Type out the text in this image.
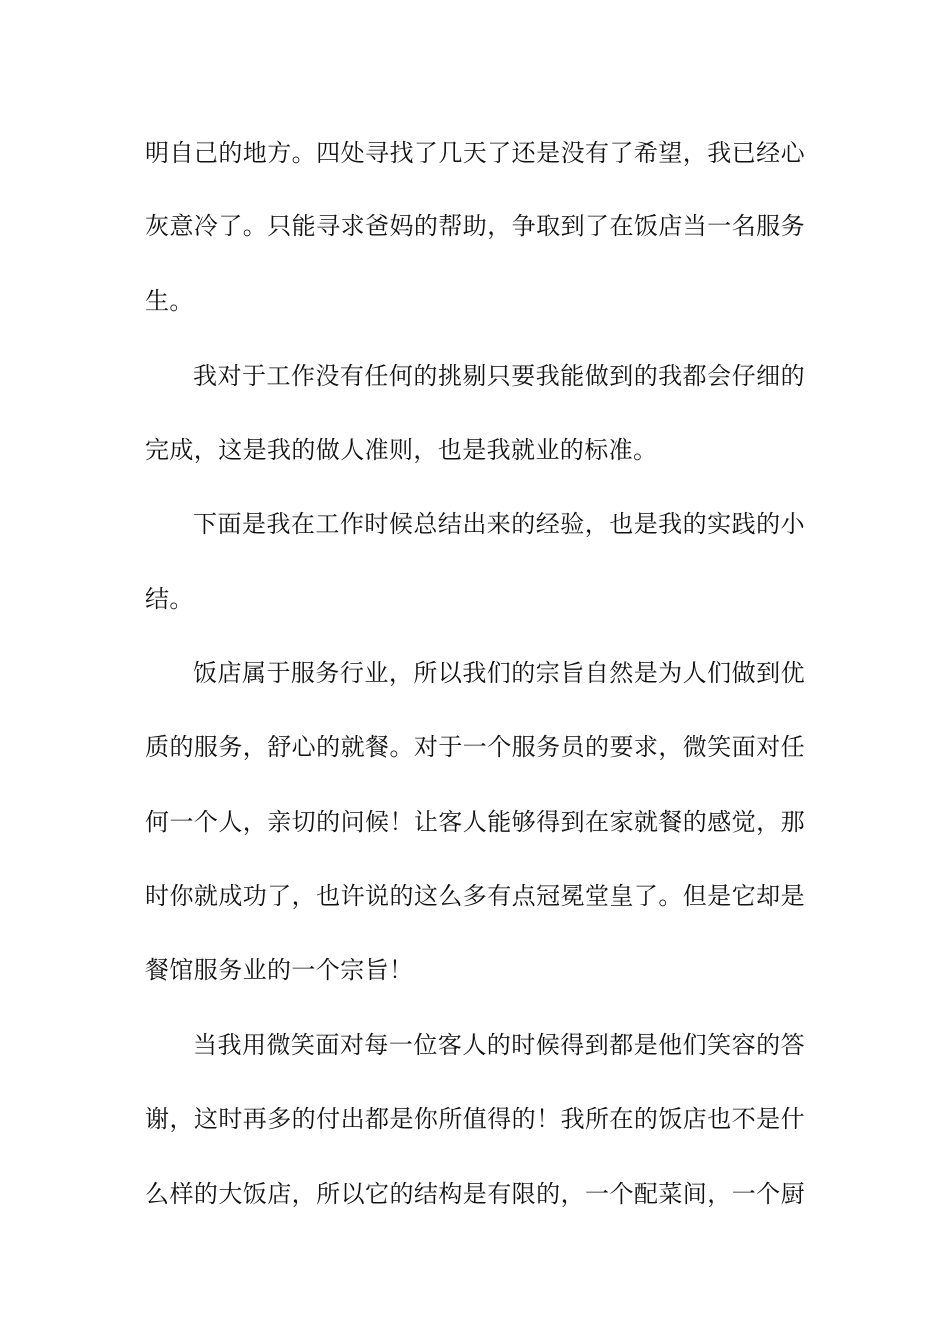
明自己的地方。四处寻找了几天了还是没有了希望，我已经心
灰意冷了。只能寻求爸妈的帮助，争取到了在饭店当一名服务
生。
我对于工作没有任何的挑剔只要我能做到的我都会仔细的
完成，这是我的做人准则，也是我就业的标准。
下面是我在工作时候总结出来的经验，也是我的实践的小
结。
饭店属于服务行业，所以我们的宗旨自然是为人们做到优
质的服务，舒心的就餐。对于一个服务员的要求，微笑面对任
何一个人，亲切的问候！让客人能够得到在家就餐的感觉，那
时你就成功了，也许说的这么多有点冠冕堂皇了。但是它却是
餐馆服务业的一个宗旨！
当我用微笑面对每一位客人的时候得到都是他们笑容的答
谢，这时再多的付出都是你所值得的！我所在的饭店也不是什
么样的大饭店，所以它的结构是有限的，一个配菜间，一个厨
